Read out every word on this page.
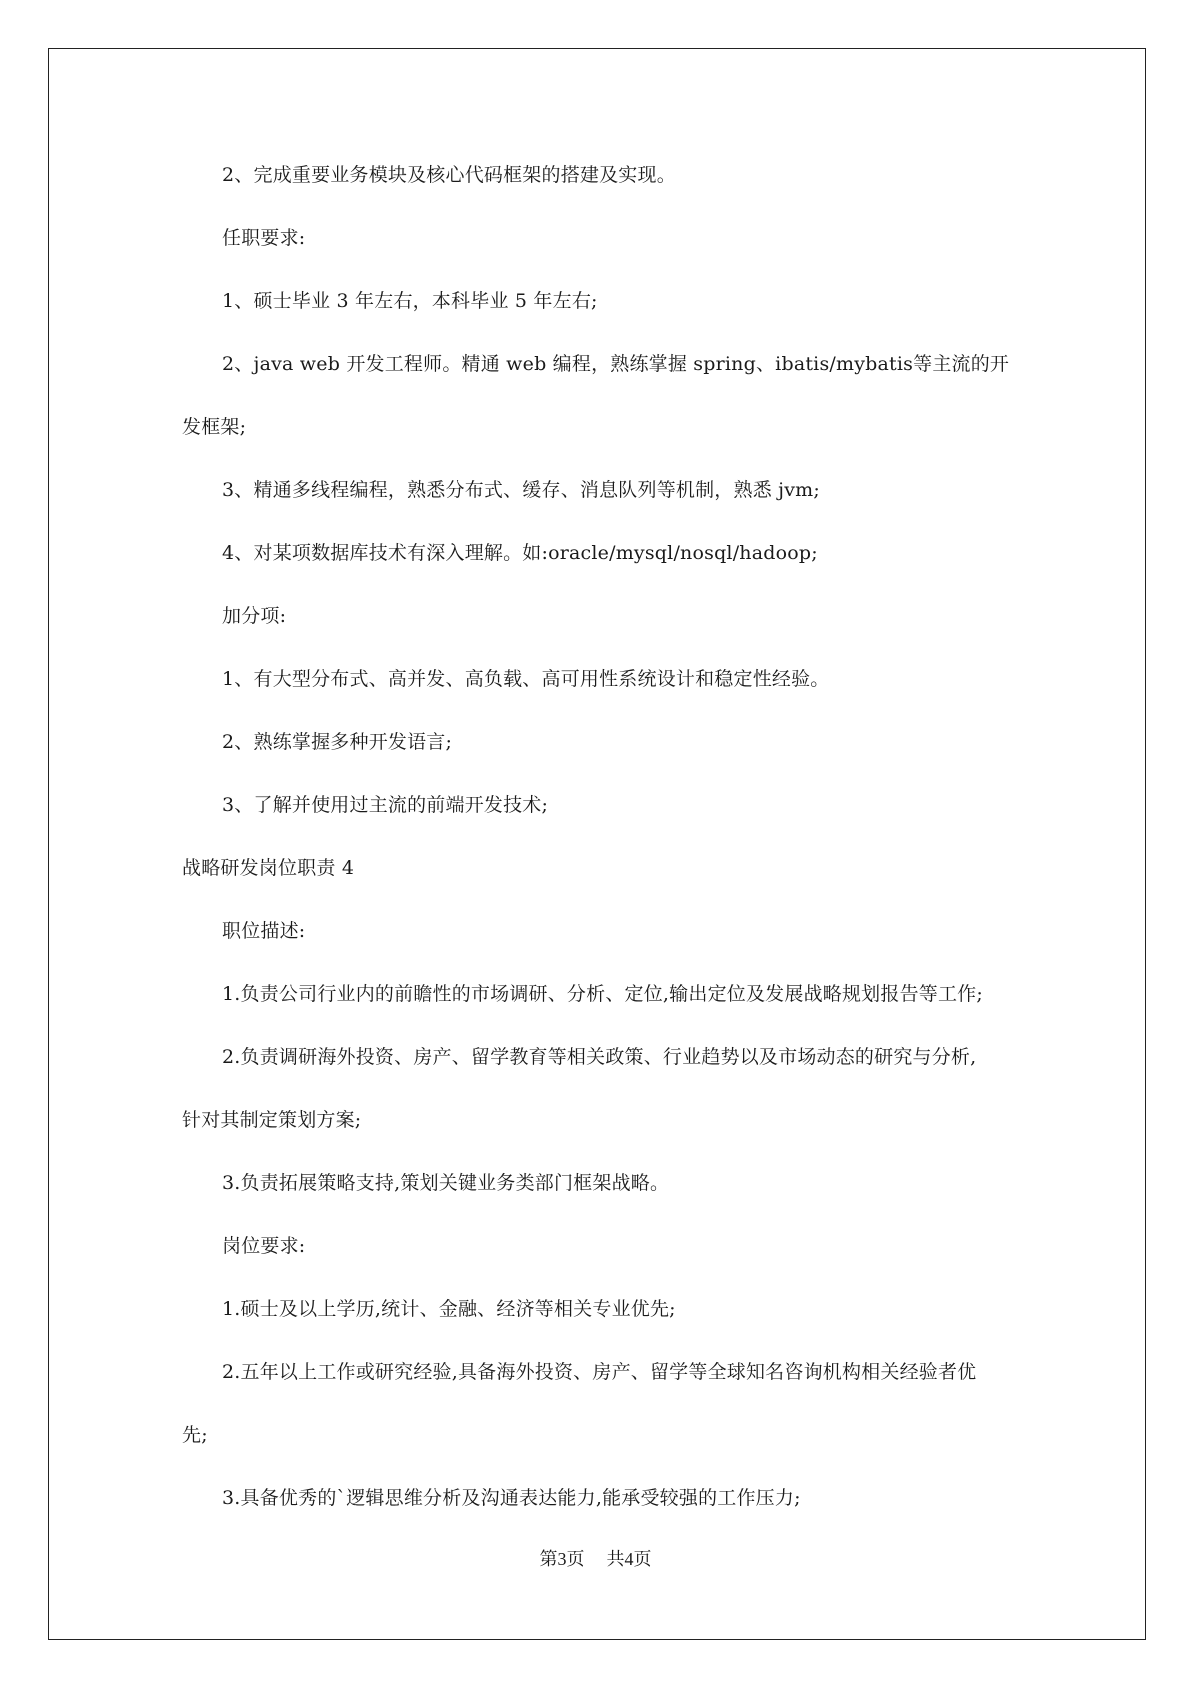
2、完成重要业务模块及核心代码框架的搭建及实现。

任职要求:

1、硕士毕业 3 年左右，本科毕业 5 年左右;

2、java web 开发工程师。精通 web 编程，熟练掌握 spring、ibatis/mybatis等主流的开

发框架;

3、精通多线程编程，熟悉分布式、缓存、消息队列等机制，熟悉 jvm;

4、对某项数据库技术有深入理解。如:oracle/mysql/nosql/hadoop;

加分项:

1、有大型分布式、高并发、高负载、高可用性系统设计和稳定性经验。

2、熟练掌握多种开发语言;

3、了解并使用过主流的前端开发技术;

战略研发岗位职责 4

职位描述:

1.负责公司行业内的前瞻性的市场调研、分析、定位,输出定位及发展战略规划报告等工作;

2.负责调研海外投资、房产、留学教育等相关政策、行业趋势以及市场动态的研究与分析,

针对其制定策划方案;

3.负责拓展策略支持,策划关键业务类部门框架战略。

岗位要求:

1.硕士及以上学历,统计、金融、经济等相关专业优先;

2.五年以上工作或研究经验,具备海外投资、房产、留学等全球知名咨询机构相关经验者优

先;

3.具备优秀的`逻辑思维分析及沟通表达能力,能承受较强的工作压力;

第3页 共4页
